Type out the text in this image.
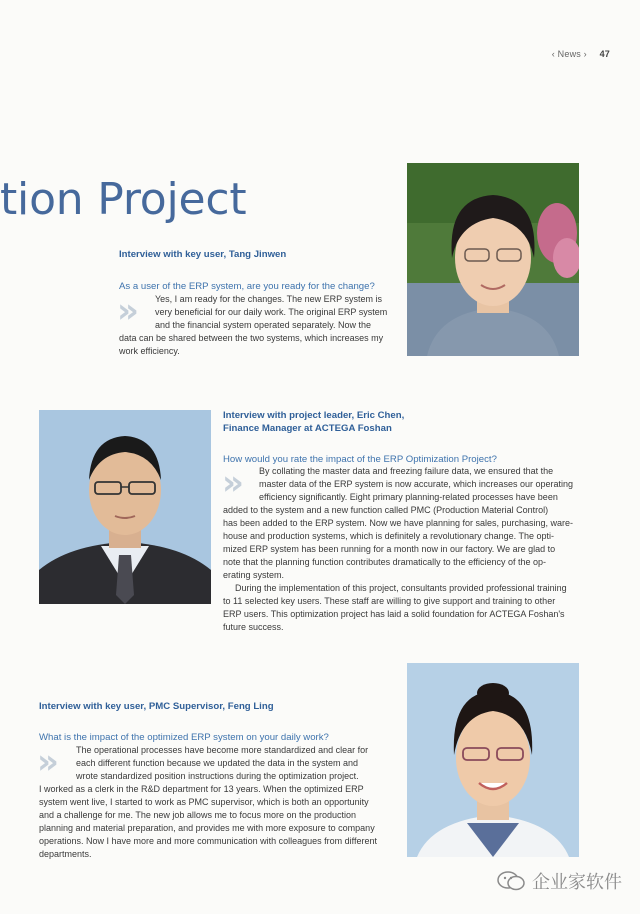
‹ News › 47
tion Project
Interview with key user, Tang Jinwen
As a user of the ERP system, are you ready for the change?
» Yes, I am ready for the changes. The new ERP system is
very beneficial for our daily work. The original ERP system
and the financial system operated separately. Now the
data can be shared between the two systems, which increases my
work efficiency.
Interview with project leader, Eric Chen,
Finance Manager at ACTEGA Foshan
How would you rate the impact of the ERP Optimization Project?
» By collating the master data and freezing failure data, we ensured that the
master data of the ERP system is now accurate, which increases our operating
efficiency significantly. Eight primary planning-related processes have been
added to the system and a new function called PMC (Production Material Control)
has been added to the ERP system. Now we have planning for sales, purchasing, ware-
house and production systems, which is definitely a revolutionary change. The opti-
mized ERP system has been running for a month now in our factory. We are glad to
note that the planning function contributes dramatically to the efficiency of the op-
erating system.
During the implementation of this project, consultants provided professional training
to 11 selected key users. These staff are willing to give support and training to other
ERP users. This optimization project has laid a solid foundation for ACTEGA Foshan's
future success.
Interview with key user, PMC Supervisor, Feng Ling
What is the impact of the optimized ERP system on your daily work?
»	The operational processes have become more standardized and clear for
each different function because we updated the data in the system and
wrote standardized position instructions during the optimization project.
I worked as a clerk in the R&D department for 13 years. When the optimized ERP
system went live, I started to work as PMC supervisor, which is both an opportunity
and a challenge for me. The new job allows me to focus more on the production
planning and material preparation, and provides me with more exposure to company
operations. Now I have more and more communication with colleagues from different
departments.
企业家软件
